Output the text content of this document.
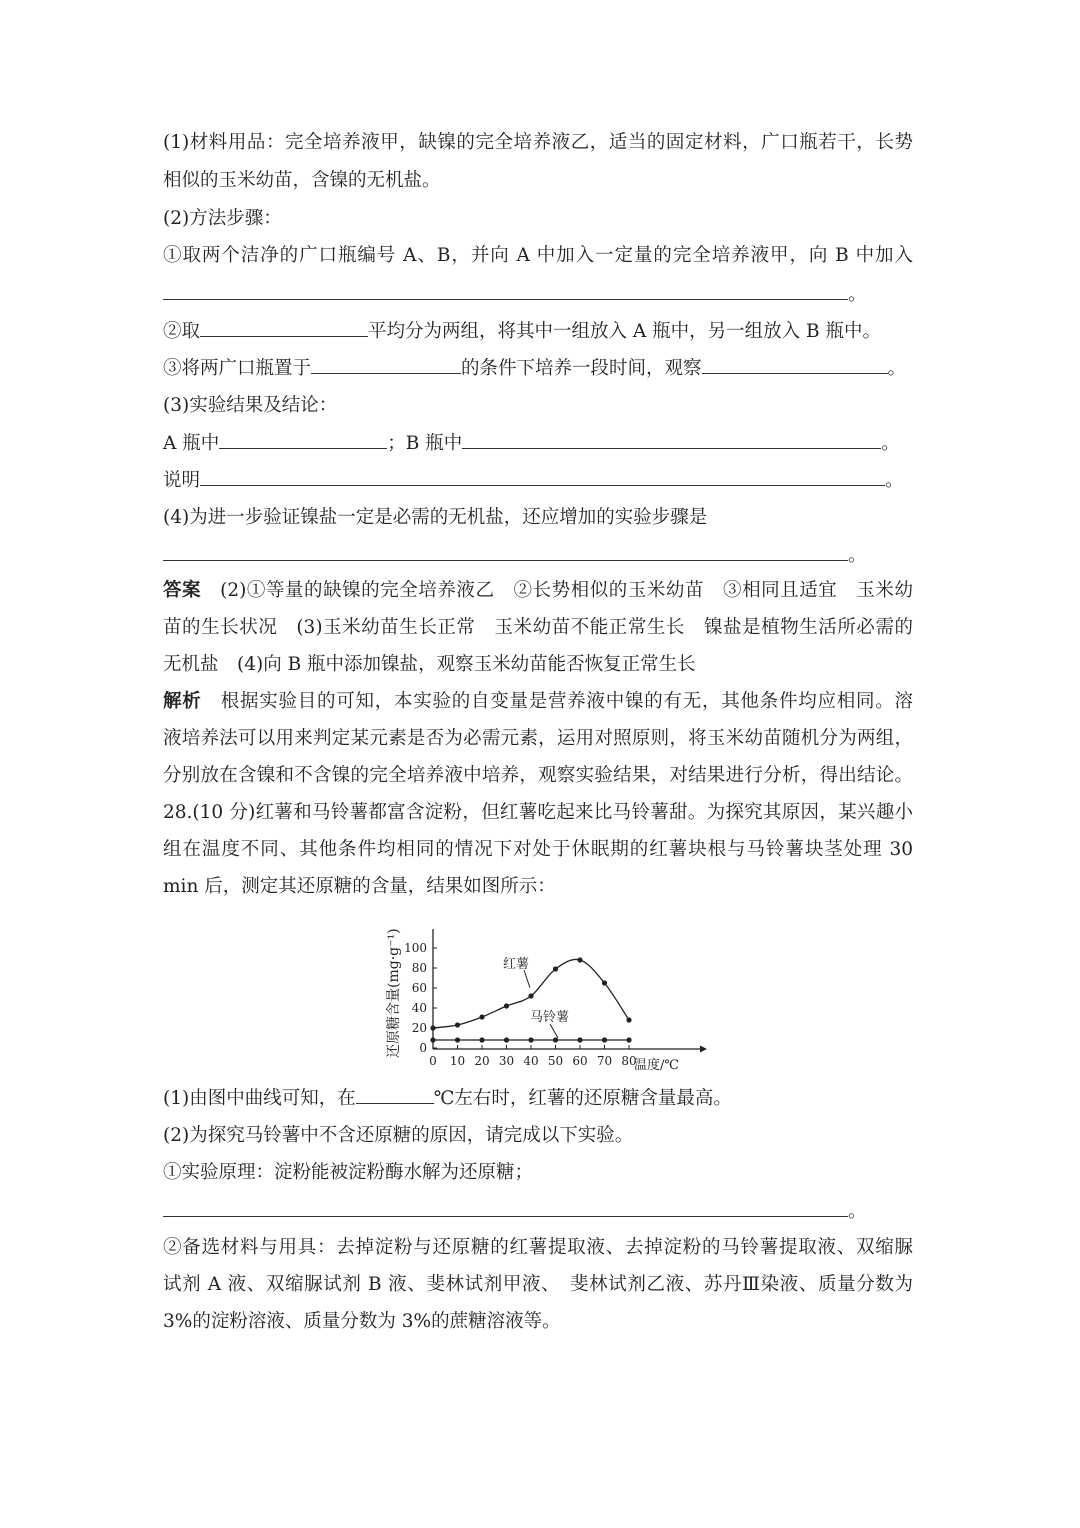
(1)材料用品：完全培养液甲，缺镍的完全培养液乙，适当的固定材料，广口瓶若干，长势
相似的玉米幼苗，含镍的无机盐。
(2)方法步骤：
①取两个洁净的广口瓶编号 A、B，并向 A 中加入一定量的完全培养液甲，向 B 中加入
。
②取	平均分为两组，将其中一组放入 A 瓶中，另一组放入 B 瓶中。
③将两广口瓶置于	的条件下培养一段时间，观察	。
(3)实验结果及结论：
A 瓶中	；B 瓶中	。
说明	。
(4)为进一步验证镍盐一定是必需的无机盐，还应增加的实验步骤是
。
答案　 (2)①等量的缺镍的完全培养液乙　②长势相似的玉米幼苗　③相同且适宜　玉米幼
苗的生长状况　(3)玉米幼苗生长正常　玉米幼苗不能正常生长　镍盐是植物生活所必需的
无机盐　(4)向 B 瓶中添加镍盐，观察玉米幼苗能否恢复正常生长
解析　 根据实验目的可知，本实验的自变量是营养液中镍的有无，其他条件均应相同。溶
液培养法可以用来判定某元素是否为必需元素，运用对照原则，将玉米幼苗随机分为两组，
分别放在含镍和不含镍的完全培养液中培养，观察实验结果，对结果进行分析，得出结论。
28.(10 分)红薯和马铃薯都富含淀粉，但红薯吃起来比马铃薯甜。为探究其原因，某兴趣小
组在温度不同、其他条件均相同的情况下对处于休眠期的红薯块根与马铃薯块茎处理 30
min 后，测定其还原糖的含量，结果如图所示：
还原糖含量(mg·g⁻¹)
温度/℃
0
20
40
60
80
100
0 10 20 30 40 50 60 70 80
红薯
马铃薯
(1)由图中曲线可知，在	℃左右时，红薯的还原糖含量最高。
(2)为探究马铃薯中不含还原糖的原因，请完成以下实验。
①实验原理：淀粉能被淀粉酶水解为还原糖；
。
②备选材料与用具：去掉淀粉与还原糖的红薯提取液、去掉淀粉的马铃薯提取液、双缩脲
试剂 A 液、双缩脲试剂 B 液、斐林试剂甲液、　斐林试剂乙液、苏丹Ⅲ染液、质量分数为
3%的淀粉溶液、质量分数为 3%的蔗糖溶液等。
